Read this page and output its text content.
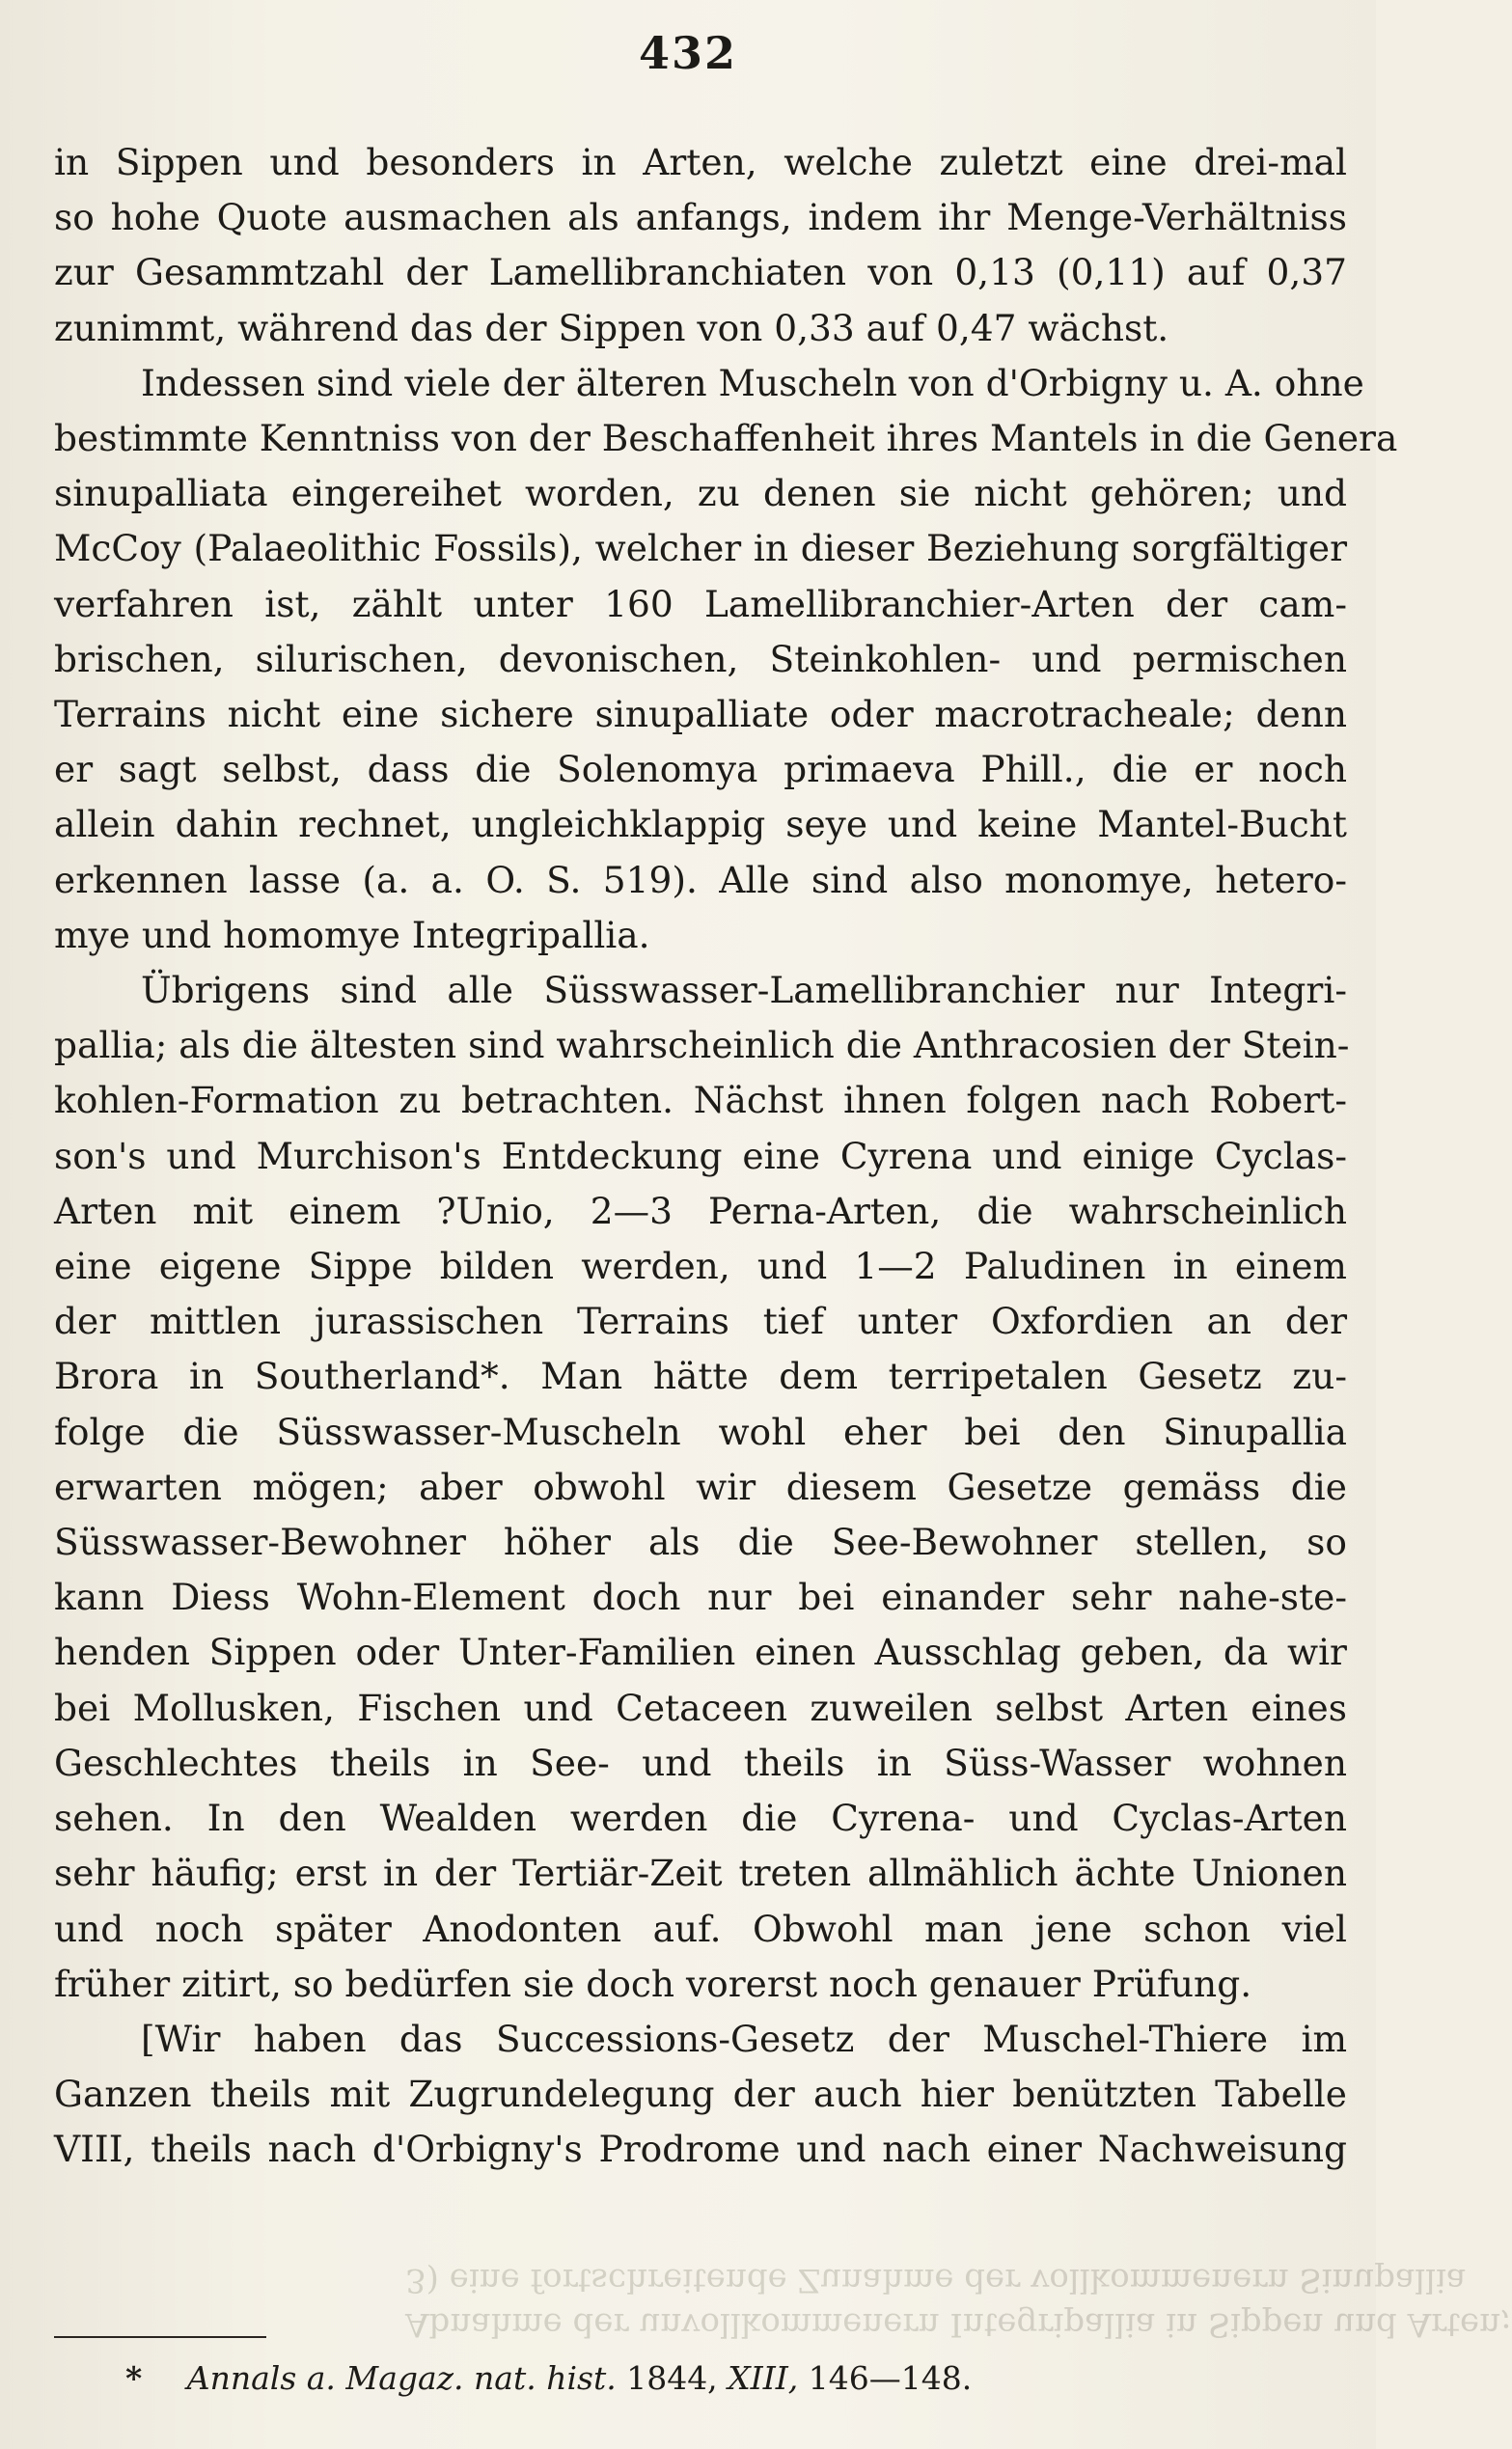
432
Abnahme der unvollkommenern Integripallia in Sippen und Arten;
3) eine fortschreitende Zunahme der vollkommenern Sinupallia
in Sippen und besonders in Arten, welche zuletzt eine drei-mal
so hohe Quote ausmachen als anfangs, indem ihr Menge-Verhältniss
zur Gesammtzahl der Lamellibranchiaten von 0,13 (0,11) auf 0,37
zunimmt, während das der Sippen von 0,33 auf 0,47 wächst.
Indessen sind viele der älteren Muscheln von d'Orbigny u. A. ohne
bestimmte Kenntniss von der Beschaffenheit ihres Mantels in die Genera
sinupalliata eingereihet worden, zu denen sie nicht gehören; und
McCoy (Palaeolithic Fossils), welcher in dieser Beziehung sorgfältiger
verfahren ist, zählt unter 160 Lamellibranchier-Arten der cam-
brischen, silurischen, devonischen, Steinkohlen- und permischen
Terrains nicht eine sichere sinupalliate oder macrotracheale; denn
er sagt selbst, dass die Solenomya primaeva Phill., die er noch
allein dahin rechnet, ungleichklappig seye und keine Mantel-Bucht
erkennen lasse (a. a. O. S. 519). Alle sind also monomye, hetero-
mye und homomye Integripallia.
Übrigens sind alle Süsswasser-Lamellibranchier nur Integri-
pallia; als die ältesten sind wahrscheinlich die Anthracosien der Stein-
kohlen-Formation zu betrachten. Nächst ihnen folgen nach Robert-
son's und Murchison's Entdeckung eine Cyrena und einige Cyclas-
Arten mit einem ?Unio, 2—3 Perna-Arten, die wahrscheinlich
eine eigene Sippe bilden werden, und 1—2 Paludinen in einem
der mittlen jurassischen Terrains tief unter Oxfordien an der
Brora in Southerland*. Man hätte dem terripetalen Gesetz zu-
folge die Süsswasser-Muscheln wohl eher bei den Sinupallia
erwarten mögen; aber obwohl wir diesem Gesetze gemäss die
Süsswasser-Bewohner höher als die See-Bewohner stellen, so
kann Diess Wohn-Element doch nur bei einander sehr nahe-ste-
henden Sippen oder Unter-Familien einen Ausschlag geben, da wir
bei Mollusken, Fischen und Cetaceen zuweilen selbst Arten eines
Geschlechtes theils in See- und theils in Süss-Wasser wohnen
sehen. In den Wealden werden die Cyrena- und Cyclas-Arten
sehr häufig; erst in der Tertiär-Zeit treten allmählich ächte Unionen
und noch später Anodonten auf. Obwohl man jene schon viel
früher zitirt, so bedürfen sie doch vorerst noch genauer Prüfung.
[Wir haben das Successions-Gesetz der Muschel-Thiere im
Ganzen theils mit Zugrundelegung der auch hier benützten Tabelle
VIII, theils nach d'Orbigny's Prodrome und nach einer Nachweisung
* Annals a. Magaz. nat. hist. 1844, XIII, 146—148.
